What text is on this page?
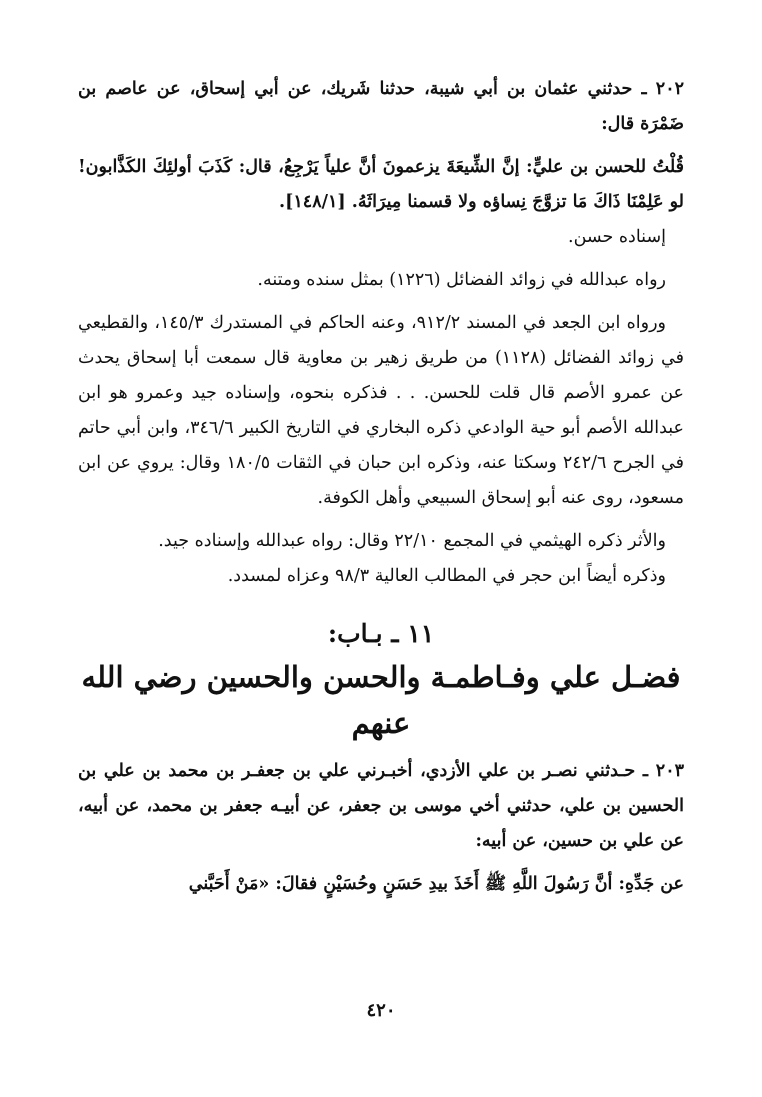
٢٠٢ ـ حدثني عثمان بن أبي شيبة، حدثنا شَريك، عن أبي إسحاق، عن عاصم بن ضَمْرَة قال:

قُلْتُ للحسن بن عليٍّ: إنَّ الشِّيعَةَ يزعمونَ أنَّ علياً يَرْجِعُ، قال: كَذَبَ أولئِكَ الكَذَّابون! لو عَلِمْنَا ذَاكَ مَا تزوَّجَ نِساؤه ولا قسمنا مِيرَاثَهُ. [١٤٨/١].

إسناده حسن.

رواه عبدالله في زوائد الفضائل (١٢٢٦) بمثل سنده ومتنه.

ورواه ابن الجعد في المسند ٩١٢/٢، وعنه الحاكم في المستدرك ١٤٥/٣، والقطيعي في زوائد الفضائل (١١٢٨) من طريق زهير بن معاوية قال سمعت أبا إسحاق يحدث عن عمرو الأصم قال قلت للحسن. . . فذكره بنحوه، وإسناده جيد وعمرو هو ابن عبدالله الأصم أبو حية الوادعي ذكره البخاري في التاريخ الكبير ٣٤٦/٦، وابن أبي حاتم في الجرح ٢٤٢/٦ وسكتا عنه، وذكره ابن حبان في الثقات ١٨٠/٥ وقال: يروي عن ابن مسعود، روى عنه أبو إسحاق السبيعي وأهل الكوفة.

والأثر ذكره الهيثمي في المجمع ٢٢/١٠ وقال: رواه عبدالله وإسناده جيد.

وذكره أيضاً ابن حجر في المطالب العالية ٩٨/٣ وعزاه لمسدد.

١١ ـ بـاب:
فضـل علي وفـاطمـة والحسن والحسين رضي الله عنهم

٢٠٣ ـ حـدثني نصـر بن علي الأزدي، أخبـرني علي بن جعفـر بن محمد بن علي بن الحسين بن علي، حدثني أخي موسى بن جعفر، عن أبيـه جعفر بن محمد، عن أبيه، عن علي بن حسين، عن أبيه:

عن جَدِّهِ: أنَّ رَسُولَ اللَّهِ ﷺ أَخَذَ بيدِ حَسَنٍ وحُسَيْنٍ فقالَ: «مَنْ أَحَبَّني

٤٢٠
